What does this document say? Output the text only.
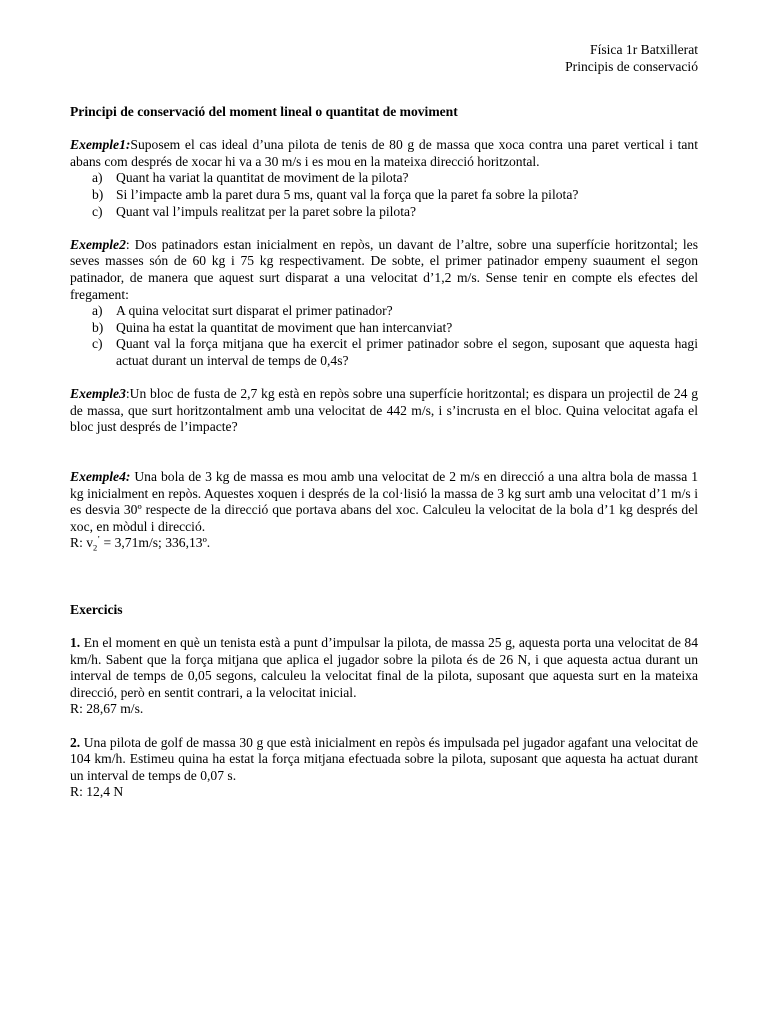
Física 1r Batxillerat
Principis de conservació

Principi de conservació del moment lineal o quantitat de moviment

Exemple1:Suposem el cas ideal d’una pilota de tenis de 80 g de massa que xoca contra una paret vertical i tant abans com després de xocar hi va a 30 m/s i es mou en la mateixa direcció horitzontal.

a) Quant ha variat la quantitat de moviment de la pilota?
b) Si l’impacte amb la paret dura 5 ms, quant val la força que la paret fa sobre la pilota?
c) Quant val l’impuls realitzat per la paret sobre la pilota?

Exemple2: Dos patinadors estan inicialment en repòs, un davant de l’altre, sobre una superfície horitzontal; les seves masses són de 60 kg i 75 kg respectivament. De sobte, el primer patinador empeny suaument el segon patinador, de manera que aquest surt disparat a una velocitat d’1,2 m/s. Sense tenir en compte els efectes del fregament:

a) A quina velocitat surt disparat el primer patinador?
b) Quina ha estat la quantitat de moviment que han intercanviat?
c) Quant val la força mitjana que ha exercit el primer patinador sobre el segon, suposant que aquesta hagi actuat durant un interval de temps de 0,4s?

Exemple3:Un bloc de fusta de 2,7 kg està en repòs sobre una superfície horitzontal; es dispara un projectil de 24 g de massa, que surt horitzontalment amb una velocitat de 442 m/s, i s’incrusta en el bloc. Quina velocitat agafa el bloc just després de l’impacte?

Exemple4: Una bola de 3 kg de massa es mou amb una velocitat de 2 m/s en direcció a una altra bola de massa 1 kg inicialment en repòs. Aquestes xoquen i després de la col·lisió la massa de 3 kg surt amb una velocitat d’1 m/s i es desvia 30º respecte de la direcció que portava abans del xoc. Calculeu la velocitat de la bola d’1 kg després del xoc, en mòdul i direcció.

R: $v_2^’ = 3,71m/s$; 336,13º.

Exercicis

1. En el moment en què un tenista està a punt d’impulsar la pilota, de massa 25 g, aquesta porta una velocitat de 84 km/h. Sabent que la força mitjana que aplica el jugador sobre la pilota és de 26 N, i que aquesta actua durant un interval de temps de 0,05 segons, calculeu la velocitat final de la pilota, suposant que aquesta surt en la mateixa direcció, però en sentit contrari, a la velocitat inicial.

R: 28,67 m/s.

2. Una pilota de golf de massa 30 g que està inicialment en repòs és impulsada pel jugador agafant una velocitat de 104 km/h. Estimeu quina ha estat la força mitjana efectuada sobre la pilota, suposant que aquesta ha actuat durant un interval de temps de 0,07 s.

R: 12,4 N
